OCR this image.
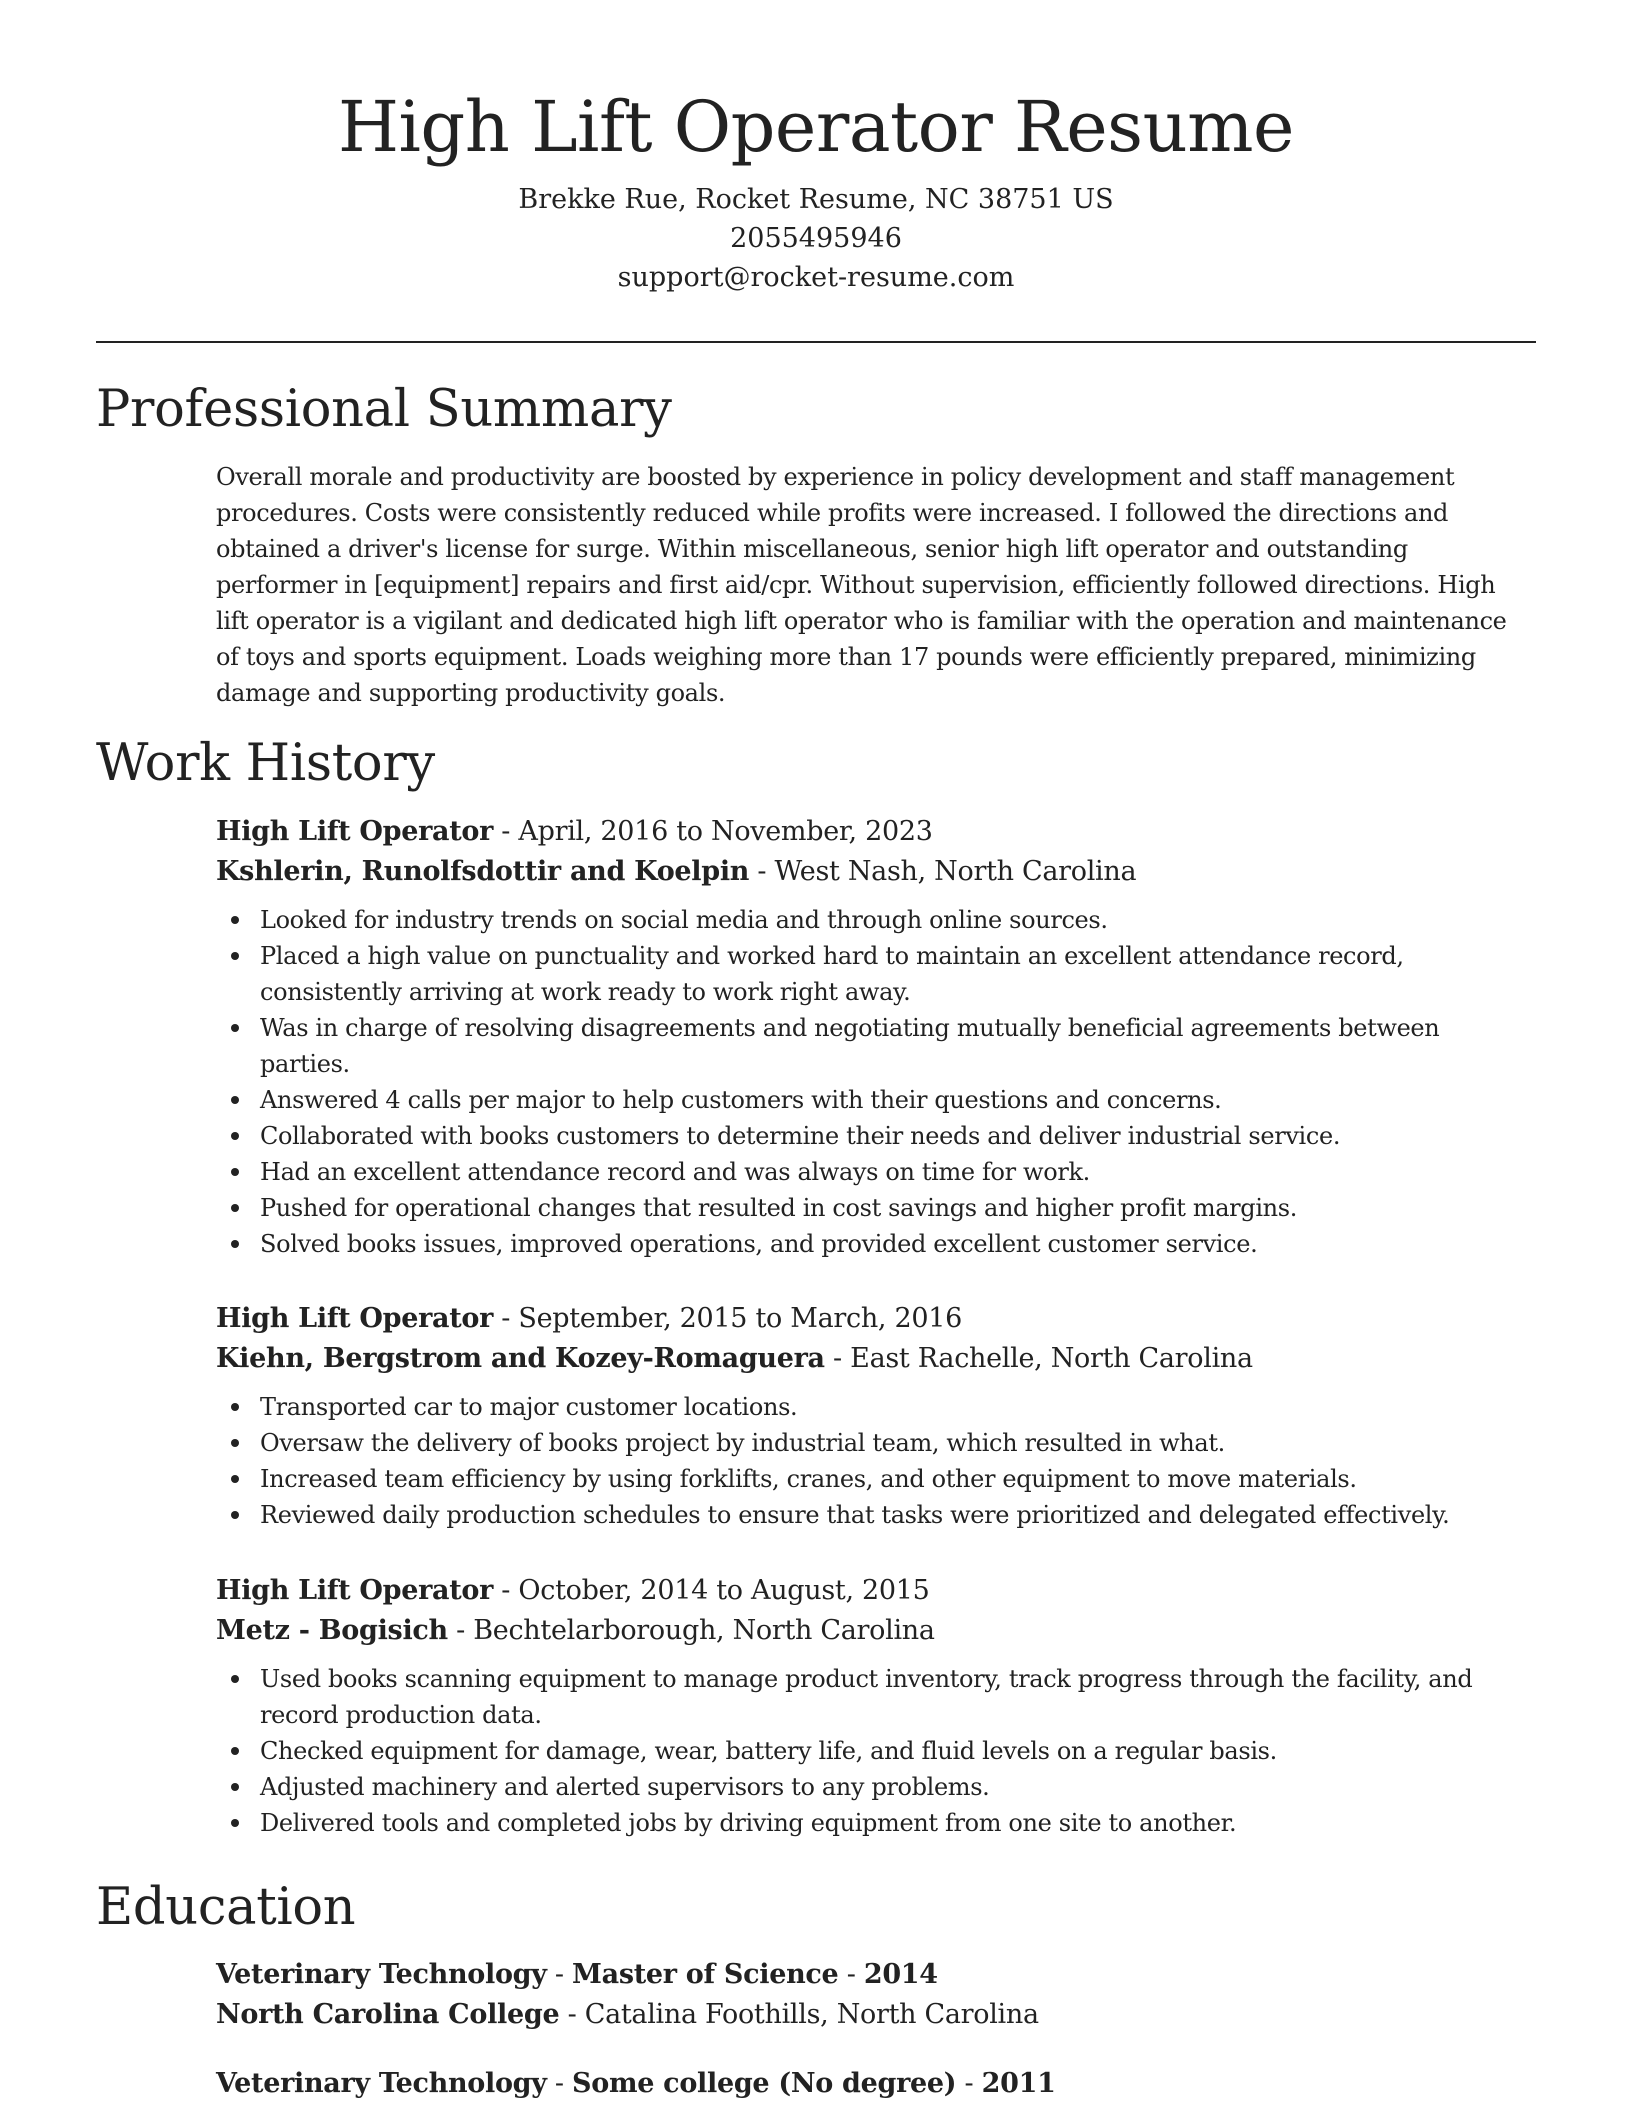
High Lift Operator Resume
Brekke Rue, Rocket Resume, NC 38751 US
2055495946
support@rocket-resume.com
Professional Summary
Overall morale and productivity are boosted by experience in policy development and staff management procedures. Costs were consistently reduced while profits were increased. I followed the directions and obtained a driver's license for surge. Within miscellaneous, senior high lift operator and outstanding performer in [equipment] repairs and first aid/cpr. Without supervision, efficiently followed directions. High lift operator is a vigilant and dedicated high lift operator who is familiar with the operation and maintenance of toys and sports equipment. Loads weighing more than 17 pounds were efficiently prepared, minimizing damage and supporting productivity goals.
Work History
High Lift Operator - April, 2016 to November, 2023
Kshlerin, Runolfsdottir and Koelpin - West Nash, North Carolina
Looked for industry trends on social media and through online sources.
Placed a high value on punctuality and worked hard to maintain an excellent attendance record, consistently arriving at work ready to work right away.
Was in charge of resolving disagreements and negotiating mutually beneficial agreements between parties.
Answered 4 calls per major to help customers with their questions and concerns.
Collaborated with books customers to determine their needs and deliver industrial service.
Had an excellent attendance record and was always on time for work.
Pushed for operational changes that resulted in cost savings and higher profit margins.
Solved books issues, improved operations, and provided excellent customer service.
High Lift Operator - September, 2015 to March, 2016
Kiehn, Bergstrom and Kozey-Romaguera - East Rachelle, North Carolina
Transported car to major customer locations.
Oversaw the delivery of books project by industrial team, which resulted in what.
Increased team efficiency by using forklifts, cranes, and other equipment to move materials.
Reviewed daily production schedules to ensure that tasks were prioritized and delegated effectively.
High Lift Operator - October, 2014 to August, 2015
Metz - Bogisich - Bechtelarborough, North Carolina
Used books scanning equipment to manage product inventory, track progress through the facility, and record production data.
Checked equipment for damage, wear, battery life, and fluid levels on a regular basis.
Adjusted machinery and alerted supervisors to any problems.
Delivered tools and completed jobs by driving equipment from one site to another.
Education
Veterinary Technology - Master of Science - 2014
North Carolina College - Catalina Foothills, North Carolina
Veterinary Technology - Some college (No degree) - 2011
